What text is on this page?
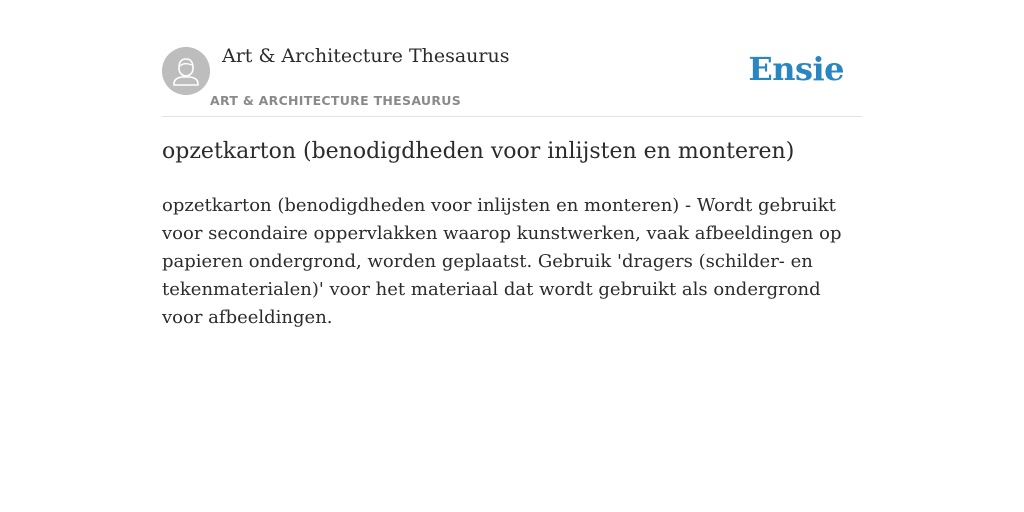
Art & Architecture Thesaurus
ART & ARCHITECTURE THESAURUS
Ensie
opzetkarton (benodigdheden voor inlijsten en monteren)

opzetkarton (benodigdheden voor inlijsten en monteren) - Wordt gebruikt voor secondaire oppervlakken waarop kunstwerken, vaak afbeeldingen op papieren ondergrond, worden geplaatst. Gebruik 'dragers (schilder- en tekenmaterialen)' voor het materiaal dat wordt gebruikt als ondergrond voor afbeeldingen.
